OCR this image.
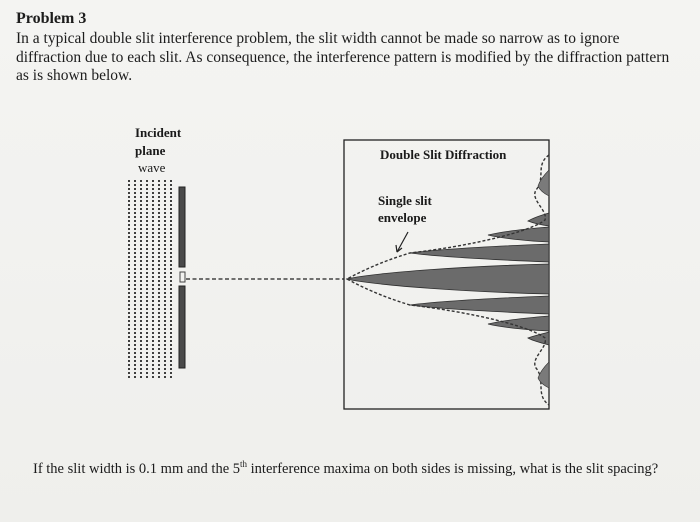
Problem 3
In a typical double slit interference problem, the slit width cannot be made so narrow as to ignore diffraction due to each slit. As consequence, the interference pattern is modified by the diffraction pattern as is shown below.
Incident
plane
wave
Double Slit Diffraction
Single slit
envelope
If the slit width is 0.1 mm and the 5th interference maxima on both sides is missing, what is the slit spacing?
